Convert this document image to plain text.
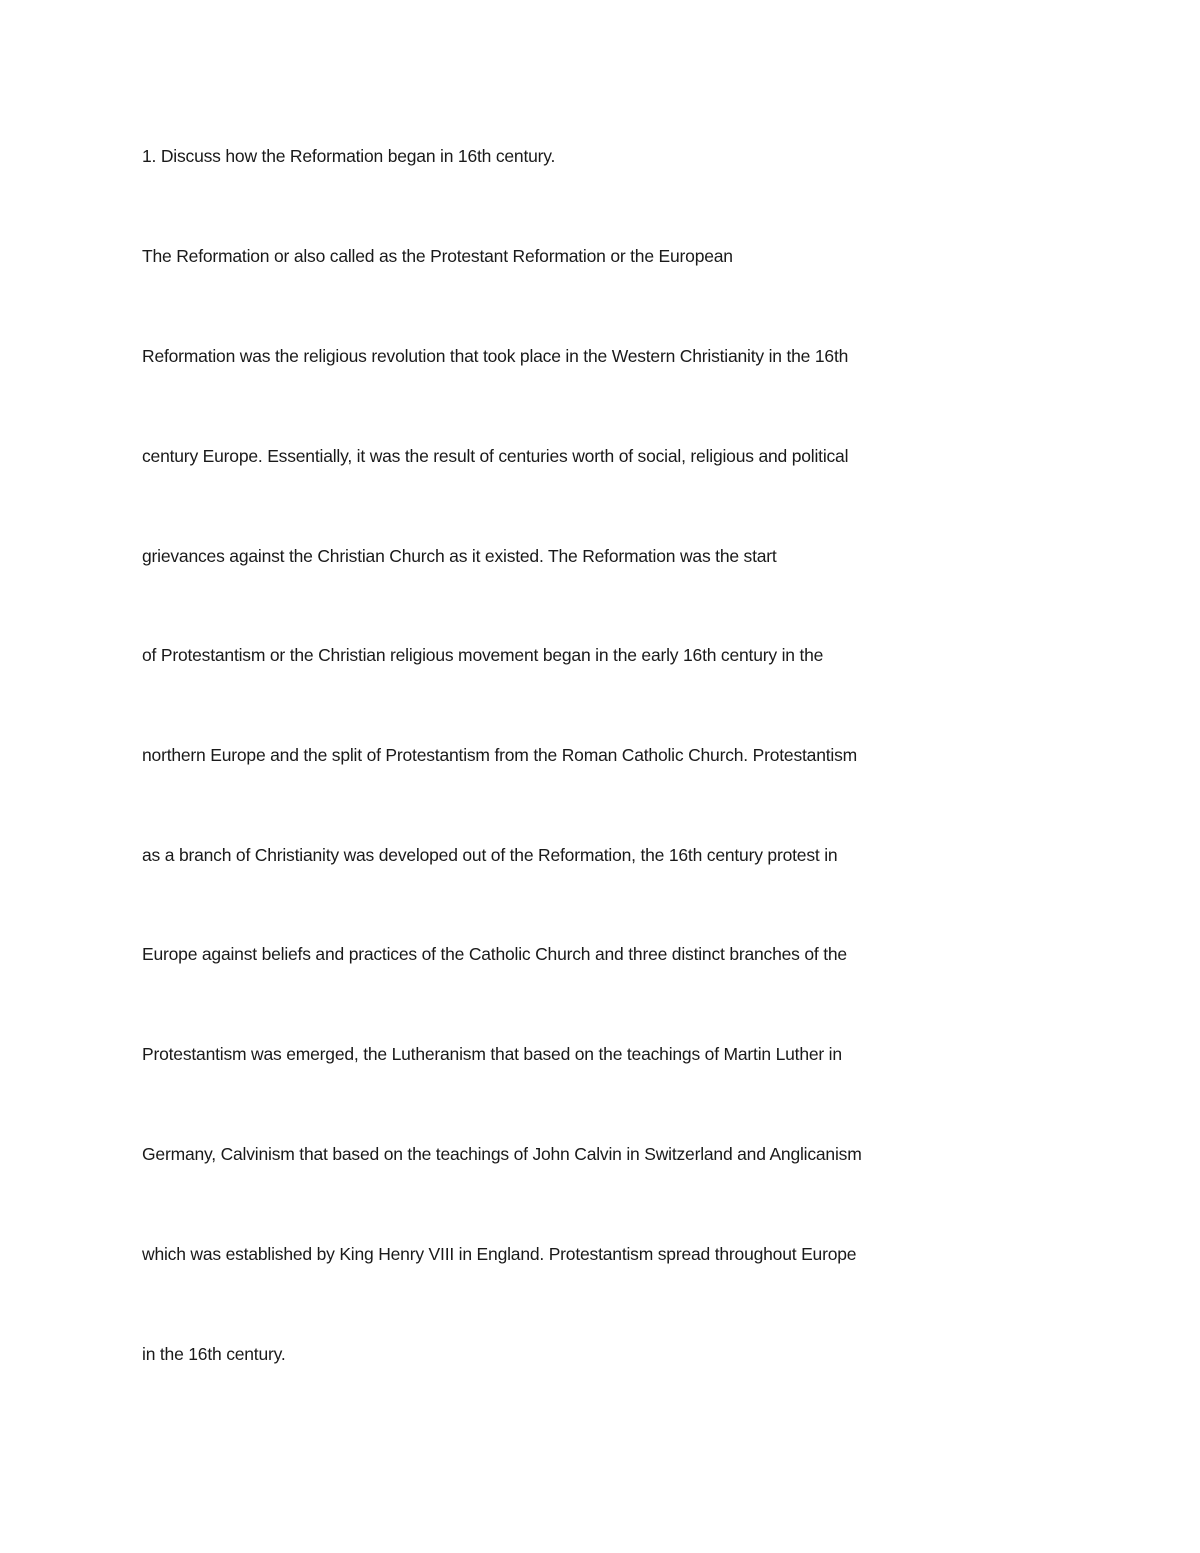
1. Discuss how the Reformation began in 16th century.

The Reformation or also called as the Protestant Reformation or the European

Reformation was the religious revolution that took place in the Western Christianity in the 16th

century Europe. Essentially, it was the result of centuries worth of social, religious and political

grievances against the Christian Church as it existed. The Reformation was the start

of Protestantism or the Christian religious movement began in the early 16th century in the

northern Europe and the split of Protestantism from the Roman Catholic Church. Protestantism

as a branch of Christianity was developed out of the Reformation, the 16th century protest in

Europe against beliefs and practices of the Catholic Church and three distinct branches of the

Protestantism was emerged, the Lutheranism that based on the teachings of Martin Luther in

Germany, Calvinism that based on the teachings of John Calvin in Switzerland and Anglicanism

which was established by King Henry VIII in England. Protestantism spread throughout Europe

in the 16th century.
